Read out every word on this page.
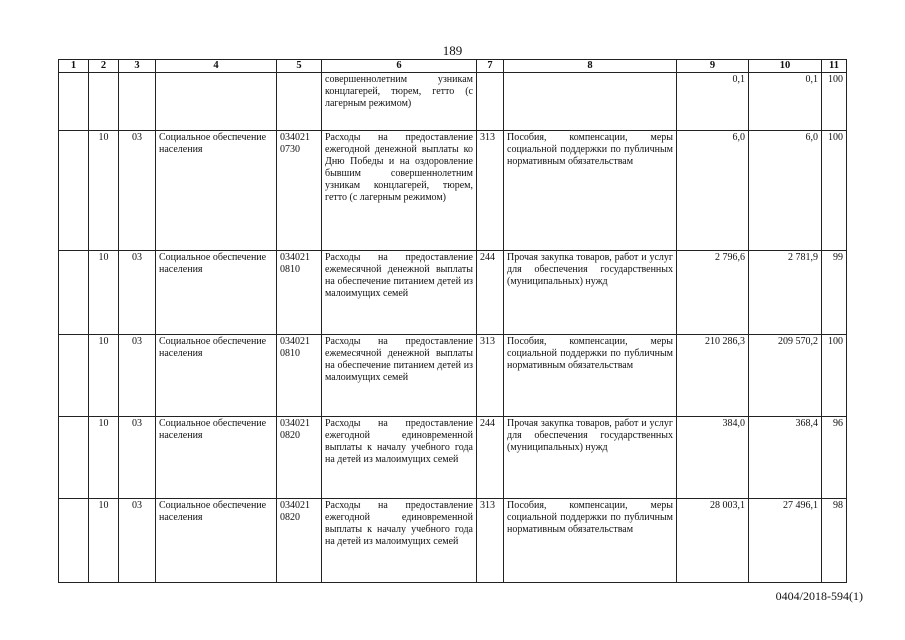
189
1	2	3	4	5	6	7	8	9	10	11
					совершеннолетним узникам концлагерей, тюрем, гетто (с лагерным режимом)			0,1	0,1	100
	10	03	Социальное обеспечение населения	034021 0730	Расходы на предоставление ежегодной денежной выплаты ко Дню Победы и на оздоровление бывшим совершеннолетним узникам концлагерей, тюрем, гетто (с лагерным режимом)	313	Пособия, компенсации, меры социальной поддержки по публичным нормативным обязательствам	6,0	6,0	100
	10	03	Социальное обеспечение населения	034021 0810	Расходы на предоставление ежемесячной денежной выплаты на обеспечение питанием детей из малоимущих семей	244	Прочая закупка товаров, работ и услуг для обеспечения государственных (муниципальных) нужд	2 796,6	2 781,9	99
	10	03	Социальное обеспечение населения	034021 0810	Расходы на предоставление ежемесячной денежной выплаты на обеспечение питанием детей из малоимущих семей	313	Пособия, компенсации, меры социальной поддержки по публичным нормативным обязательствам	210 286,3	209 570,2	100
	10	03	Социальное обеспечение населения	034021 0820	Расходы на предоставление ежегодной единовременной выплаты к началу учебного года на детей из малоимущих семей	244	Прочая закупка товаров, работ и услуг для обеспечения государственных (муниципальных) нужд	384,0	368,4	96
	10	03	Социальное обеспечение населения	034021 0820	Расходы на предоставление ежегодной единовременной выплаты к началу учебного года на детей из малоимущих семей	313	Пособия, компенсации, меры социальной поддержки по публичным нормативным обязательствам	28 003,1	27 496,1	98
0404/2018-594(1)
